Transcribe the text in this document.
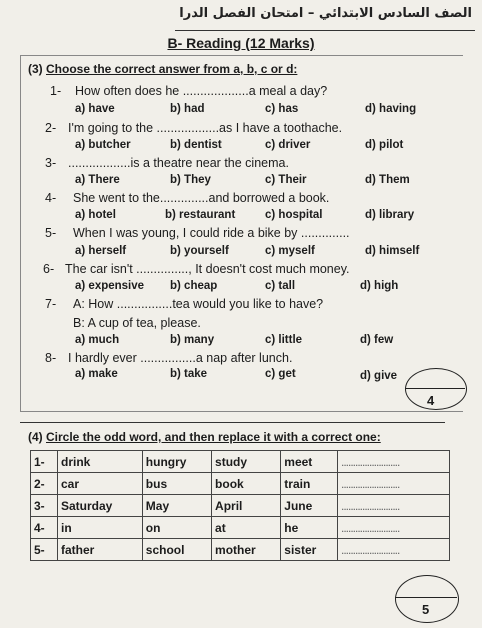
الصف السادس الابتدائي – امتحان الفصل الدرا
B- Reading (12 Marks)
(3) Choose the correct answer from a, b, c or d:
1- How often does he ...................a meal a day?
a) have	b) had	c) has	d) having
2- I'm going to the ..................as I have a toothache.
a) butcher	b) dentist	c) driver	d) pilot
3- ..................is a theatre near the cinema.
a) There	b) They	c) Their	d) Them
4- She went to the..............and borrowed a book.
a) hotel	b) restaurant	c) hospital	d) library
5- When I was young, I could ride a bike by ..............
a) herself	b) yourself	c) myself	d) himself
6- The car isn't ..............., It doesn't cost much money.
a) expensive b) cheap	c) tall	d) high
7- A: How ................tea would you like to have?
B: A cup of tea, please.
a) much	b) many	c) little	d) few
8- I hardly ever ................a nap after lunch.
a) make	b) take	c) get	d) give
4
(4) Circle the odd word, and then replace it with a correct one:
1-	drink	hungry	study	meet	.........................
2-	car	bus	book	train	.........................
3-	Saturday	May	April	June	.........................
4-	in	on	at	he	.........................
5-	father	school	mother	sister	.........................
5
